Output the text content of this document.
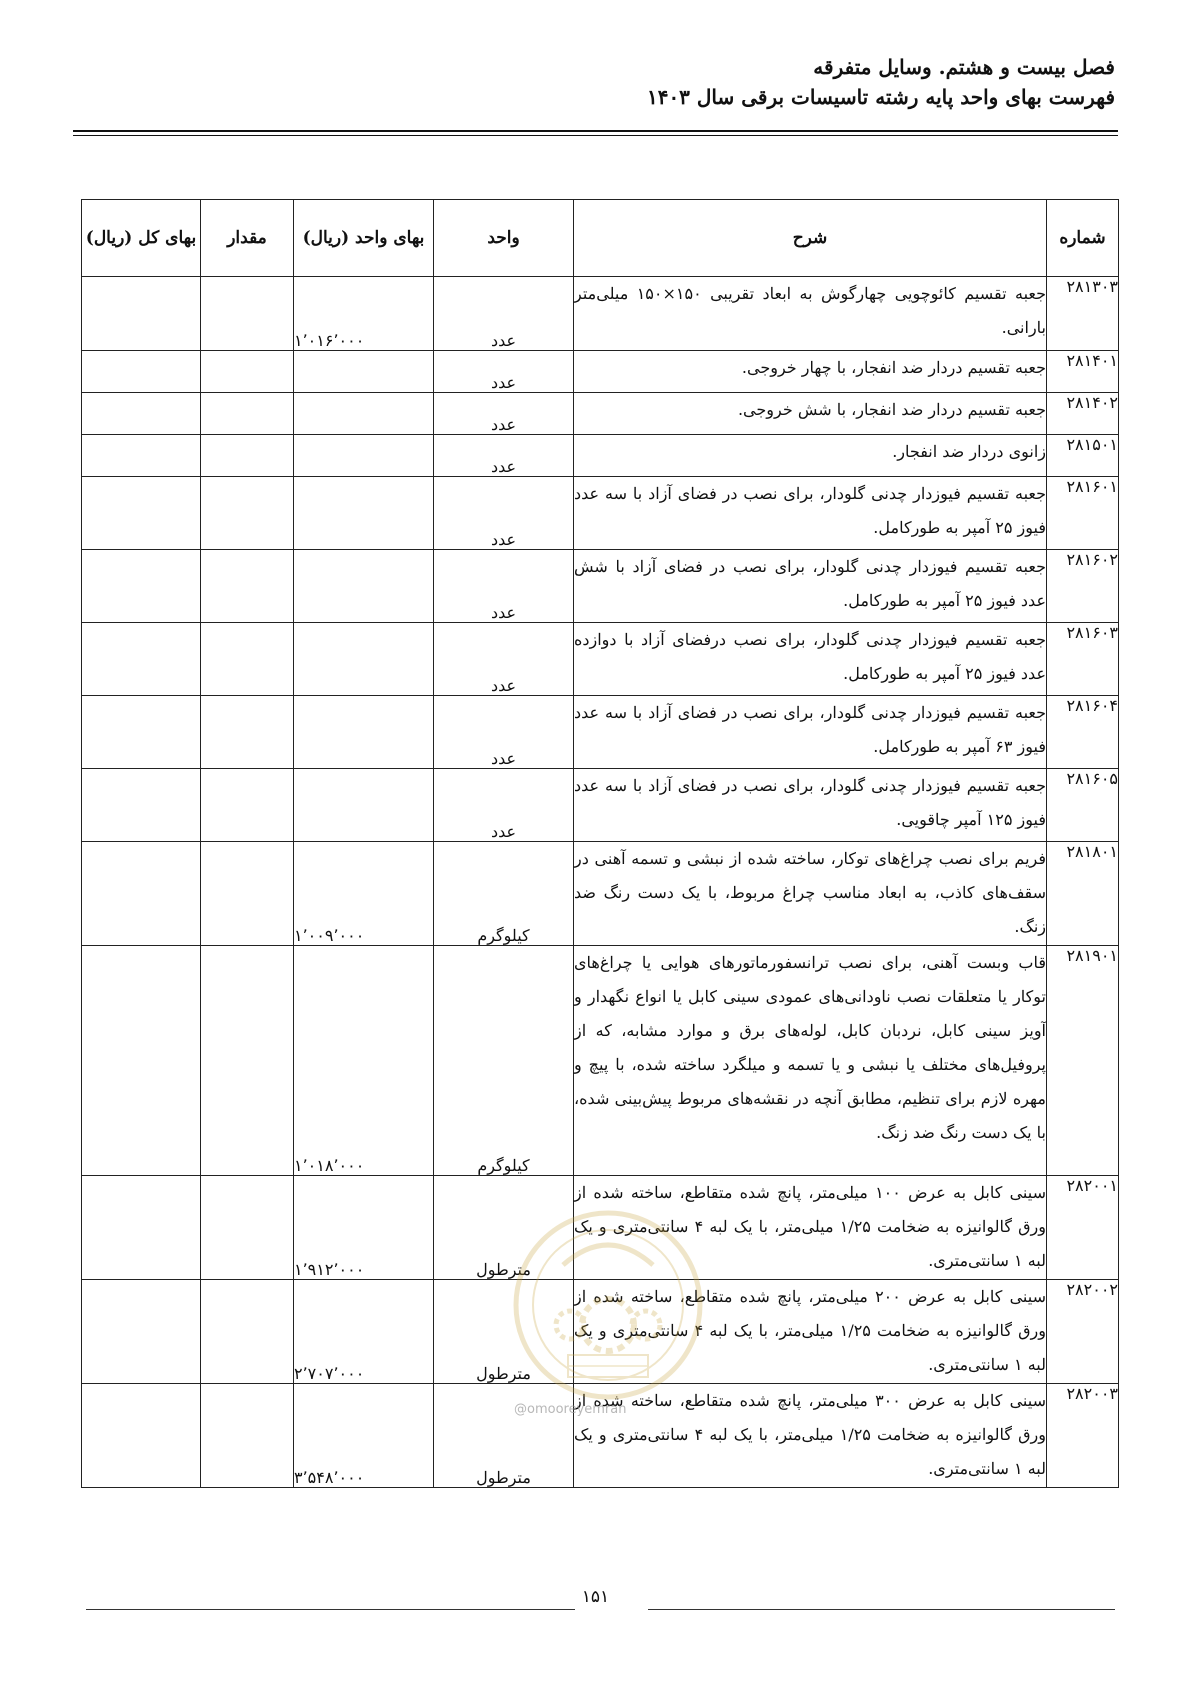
فصل بیست و هشتم. وسایل متفرقه
فهرست بهای واحد پایه رشته تاسیسات برقی سال ۱۴۰۳
شماره	شرح	واحد	بهای واحد (ریال)	مقدار	بهای کل (ریال)
۲۸۱۳۰۳	جعبه تقسیم کائوچویی چهارگوش به ابعاد تقریبی ۱۵۰×۱۵۰ میلی‌متر بارانی.	عدد	۱٬۰۱۶٬۰۰۰		
۲۸۱۴۰۱	جعبه تقسیم دردار ضد انفجار، با چهار خروجی.	عدد			
۲۸۱۴۰۲	جعبه تقسیم دردار ضد انفجار، با شش خروجی.	عدد			
۲۸۱۵۰۱	زانوی دردار ضد انفجار.	عدد			
۲۸۱۶۰۱	جعبه تقسیم فیوزدار چدنی گلودار، برای نصب در فضای آزاد با سه عدد فیوز ۲۵ آمپر به طورکامل.	عدد			
۲۸۱۶۰۲	جعبه تقسیم فیوزدار چدنی گلودار، برای نصب در فضای آزاد با شش عدد فیوز ۲۵ آمپر به طورکامل.	عدد			
۲۸۱۶۰۳	جعبه تقسیم فیوزدار چدنی گلودار، برای نصب درفضای آزاد با دوازده عدد فیوز ۲۵ آمپر به طورکامل.	عدد			
۲۸۱۶۰۴	جعبه تقسیم فیوزدار چدنی گلودار، برای نصب در فضای آزاد با سه عدد فیوز ۶۳ آمپر به طورکامل.	عدد			
۲۸۱۶۰۵	جعبه تقسیم فیوزدار چدنی گلودار، برای نصب در فضای آزاد با سه عدد فیوز ۱۲۵ آمپر چاقویی.	عدد			
۲۸۱۸۰۱	فریم برای نصب چراغ‌های توکار، ساخته شده از نبشی و تسمه آهنی در سقف‌های کاذب، به ابعاد مناسب چراغ مربوط، با یک دست رنگ ضد زنگ.	کیلوگرم	۱٬۰۰۹٬۰۰۰		
۲۸۱۹۰۱	قاب وبست آهنی، برای نصب ترانسفورماتورهای هوایی یا چراغ‌های توکار یا متعلقات نصب ناودانی‌های عمودی سینی کابل یا انواع نگهدار و آویز سینی کابل، نردبان کابل، لوله‌های برق و موارد مشابه، که از پروفیل‌های مختلف یا نبشی و یا تسمه و میلگرد ساخته شده، با پیچ و مهره لازم برای تنظیم، مطابق آنچه در نقشه‌های مربوط پیش‌بینی شده، با یک دست رنگ ضد زنگ.	کیلوگرم	۱٬۰۱۸٬۰۰۰		
۲۸۲۰۰۱	سینی کابل به عرض ۱۰۰ میلی‌متر، پانچ شده متقاطع، ساخته شده از ورق گالوانیزه به ضخامت ۱/۲۵ میلی‌متر، با یک لبه ۴ سانتی‌متری و یک لبه ۱ سانتی‌متری.	مترطول	۱٬۹۱۲٬۰۰۰		
۲۸۲۰۰۲	سینی کابل به عرض ۲۰۰ میلی‌متر، پانچ شده متقاطع، ساخته شده از ورق گالوانیزه به ضخامت ۱/۲۵ میلی‌متر، با یک لبه ۴ سانتی‌متری و یک لبه ۱ سانتی‌متری.	مترطول	۲٬۷۰۷٬۰۰۰		
۲۸۲۰۰۳	سینی کابل به عرض ۳۰۰ میلی‌متر، پانچ شده متقاطع، ساخته شده از ورق گالوانیزه به ضخامت ۱/۲۵ میلی‌متر، با یک لبه ۴ سانتی‌متری و یک لبه ۱ سانتی‌متری.	مترطول	۳٬۵۴۸٬۰۰۰		
@omooreyemran
۱۵۱
